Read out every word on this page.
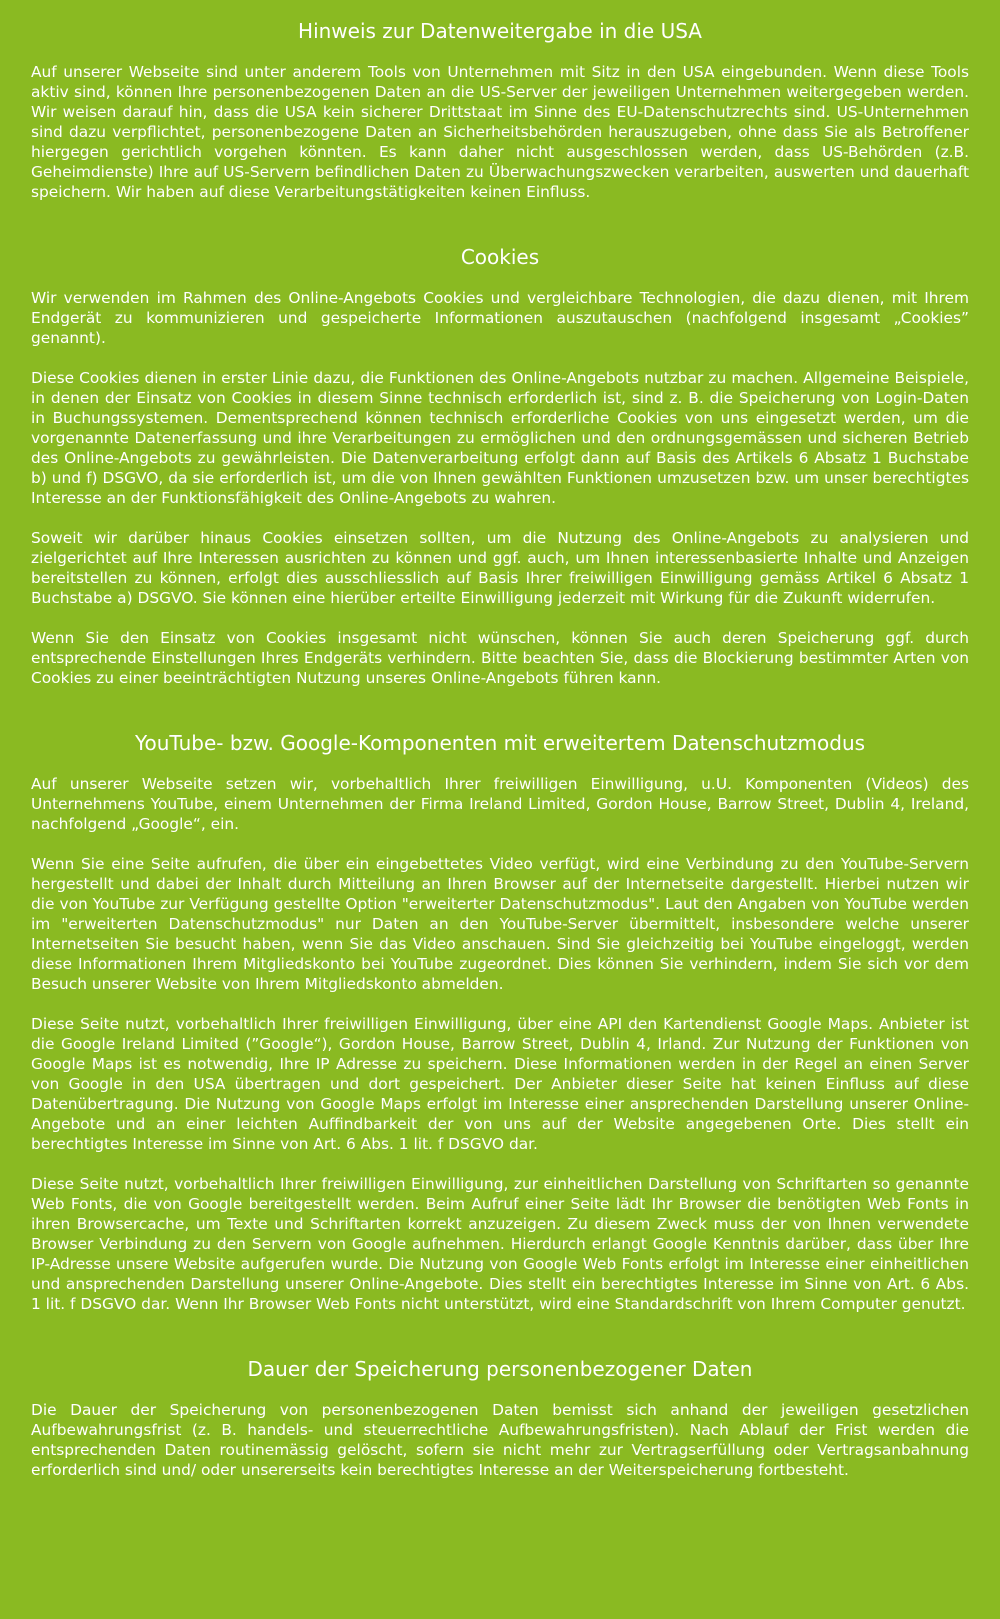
Hinweis zur Datenweitergabe in die USA

Auf unserer Webseite sind unter anderem Tools von Unternehmen mit Sitz in den USA eingebunden. Wenn diese Tools aktiv sind, können Ihre personenbezogenen Daten an die US-Server der jeweiligen Unternehmen weitergegeben werden. Wir weisen darauf hin, dass die USA kein sicherer Drittstaat im Sinne des EU-Datenschutzrechts sind. US-Unternehmen sind dazu verpflichtet, personenbezogene Daten an Sicherheitsbehörden herauszugeben, ohne dass Sie als Betroffener hiergegen gerichtlich vorgehen könnten. Es kann daher nicht ausgeschlossen werden, dass US-Behörden (z.B. Geheimdienste) Ihre auf US-Servern befindlichen Daten zu Überwachungszwecken verarbeiten, auswerten und dauerhaft speichern. Wir haben auf diese Verarbeitungstätigkeiten keinen Einfluss.

Cookies

Wir verwenden im Rahmen des Online-Angebots Cookies und vergleichbare Technologien, die dazu dienen, mit Ihrem Endgerät zu kommunizieren und gespeicherte Informationen auszutauschen (nachfolgend insgesamt „Cookies” genannt).

Diese Cookies dienen in erster Linie dazu, die Funktionen des Online-Angebots nutzbar zu machen. Allgemeine Beispiele, in denen der Einsatz von Cookies in diesem Sinne technisch erforderlich ist, sind z. B. die Speicherung von Login-Daten in Buchungssystemen. Dementsprechend können technisch erforderliche Cookies von uns eingesetzt werden, um die vorgenannte Datenerfassung und ihre Verarbeitungen zu ermöglichen und den ordnungsgemässen und sicheren Betrieb des Online-Angebots zu gewährleisten. Die Datenverarbeitung erfolgt dann auf Basis des Artikels 6 Absatz 1 Buchstabe b) und f) DSGVO, da sie erforderlich ist, um die von Ihnen gewählten Funktionen umzusetzen bzw. um unser berechtigtes Interesse an der Funktionsfähigkeit des Online-Angebots zu wahren.

Soweit wir darüber hinaus Cookies einsetzen sollten, um die Nutzung des Online-Angebots zu analysieren und zielgerichtet auf Ihre Interessen ausrichten zu können und ggf. auch, um Ihnen interessenbasierte Inhalte und Anzeigen bereitstellen zu können, erfolgt dies ausschliesslich auf Basis Ihrer freiwilligen Einwilligung gemäss Artikel 6 Absatz 1 Buchstabe a) DSGVO. Sie können eine hierüber erteilte Einwilligung jederzeit mit Wirkung für die Zukunft widerrufen.

Wenn Sie den Einsatz von Cookies insgesamt nicht wünschen, können Sie auch deren Speicherung ggf. durch entsprechende Einstellungen Ihres Endgeräts verhindern. Bitte beachten Sie, dass die Blockierung bestimmter Arten von Cookies zu einer beeinträchtigten Nutzung unseres Online-Angebots führen kann.

YouTube- bzw. Google-Komponenten mit erweitertem Datenschutzmodus

Auf unserer Webseite setzen wir, vorbehaltlich Ihrer freiwilligen Einwilligung, u.U. Komponenten (Videos) des Unternehmens YouTube, einem Unternehmen der Firma Ireland Limited, Gordon House, Barrow Street, Dublin 4, Ireland, nachfolgend „Google“, ein.

Wenn Sie eine Seite aufrufen, die über ein eingebettetes Video verfügt, wird eine Verbindung zu den YouTube-Servern hergestellt und dabei der Inhalt durch Mitteilung an Ihren Browser auf der Internetseite dargestellt. Hierbei nutzen wir die von YouTube zur Verfügung gestellte Option "erweiterter Datenschutzmodus". Laut den Angaben von YouTube werden im "erweiterten Datenschutzmodus" nur Daten an den YouTube-Server übermittelt, insbesondere welche unserer Internetseiten Sie besucht haben, wenn Sie das Video anschauen. Sind Sie gleichzeitig bei YouTube eingeloggt, werden diese Informationen Ihrem Mitgliedskonto bei YouTube zugeordnet. Dies können Sie verhindern, indem Sie sich vor dem Besuch unserer Website von Ihrem Mitgliedskonto abmelden.

Diese Seite nutzt, vorbehaltlich Ihrer freiwilligen Einwilligung, über eine API den Kartendienst Google Maps. Anbieter ist die Google Ireland Limited (”Google“), Gordon House, Barrow Street, Dublin 4, Irland. Zur Nutzung der Funktionen von Google Maps ist es notwendig, Ihre IP Adresse zu speichern. Diese Informationen werden in der Regel an einen Server von Google in den USA übertragen und dort gespeichert. Der Anbieter dieser Seite hat keinen Einfluss auf diese Datenübertragung. Die Nutzung von Google Maps erfolgt im Interesse einer ansprechenden Darstellung unserer Online-Angebote und an einer leichten Auffindbarkeit der von uns auf der Website angegebenen Orte. Dies stellt ein berechtigtes Interesse im Sinne von Art. 6 Abs. 1 lit. f DSGVO dar.

Diese Seite nutzt, vorbehaltlich Ihrer freiwilligen Einwilligung, zur einheitlichen Darstellung von Schriftarten so genannte Web Fonts, die von Google bereitgestellt werden. Beim Aufruf einer Seite lädt Ihr Browser die benötigten Web Fonts in ihren Browsercache, um Texte und Schriftarten korrekt anzuzeigen. Zu diesem Zweck muss der von Ihnen verwendete Browser Verbindung zu den Servern von Google aufnehmen. Hierdurch erlangt Google Kenntnis darüber, dass über Ihre IP-Adresse unsere Website aufgerufen wurde. Die Nutzung von Google Web Fonts erfolgt im Interesse einer einheitlichen und ansprechenden Darstellung unserer Online-Angebote. Dies stellt ein berechtigtes Interesse im Sinne von Art. 6 Abs. 1 lit. f DSGVO dar. Wenn Ihr Browser Web Fonts nicht unterstützt, wird eine Standardschrift von Ihrem Computer genutzt.

Dauer der Speicherung personenbezogener Daten

Die Dauer der Speicherung von personenbezogenen Daten bemisst sich anhand der jeweiligen gesetzlichen Aufbewahrungsfrist (z. B. handels- und steuerrechtliche Aufbewahrungsfristen). Nach Ablauf der Frist werden die entsprechenden Daten routinemässig gelöscht, sofern sie nicht mehr zur Vertragserfüllung oder Vertragsanbahnung erforderlich sind und/ oder unsererseits kein berechtigtes Interesse an der Weiterspeicherung fortbesteht.
